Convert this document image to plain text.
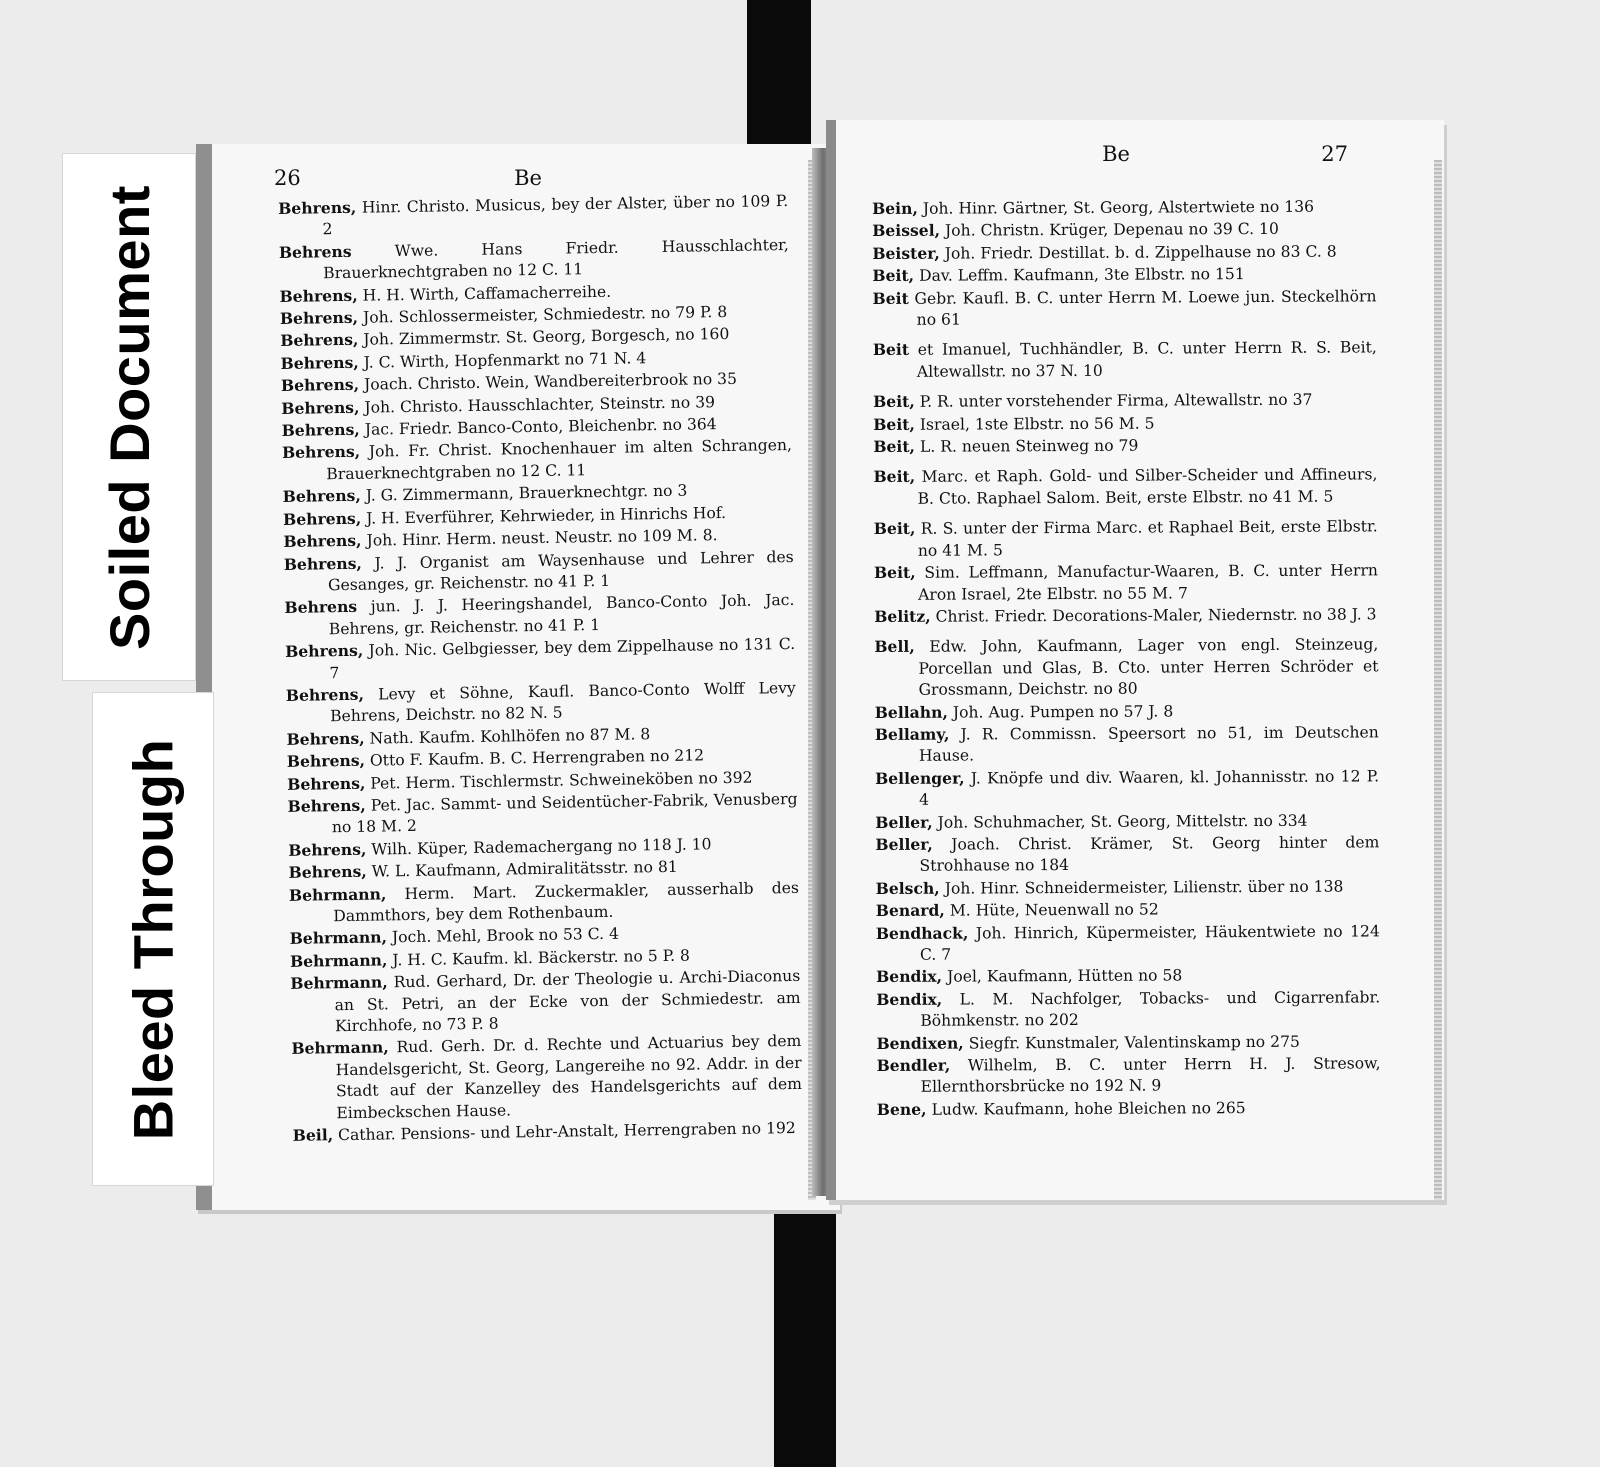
26	Be
Behrens, Hinr. Christo. Musicus, bey der Alster, über no 109 P. 2
Behrens	Wwe. Hans Friedr. Hausschlachter, Brauerknechtgraben no 12 C. 11
Behrens, H. H. Wirth, Caffamacherreihe.
Behrens, Joh. Schlossermeister, Schmiedestr. no 79 P. 8
Behrens, Joh. Zimmermstr. St. Georg, Borgesch, no 160
Behrens, J. C. Wirth, Hopfenmarkt no 71 N. 4
Behrens, Joach. Christo. Wein, Wandbereiterbrook no 35
Behrens, Joh. Christo. Hausschlachter, Steinstr. no 39
Behrens, Jac. Friedr. Banco-Conto, Bleichenbr. no 364
Behrens, Joh. Fr. Christ. Knochenhauer im alten Schrangen, Brauerknechtgraben no 12 C. 11
Behrens, J. G. Zimmermann, Brauerknechtgr. no 3
Behrens, J. H. Everführer, Kehrwieder, in Hinrichs Hof.
Behrens, Joh. Hinr. Herm. neust. Neustr. no 109 M. 8.
Behrens, J. J. Organist am Waysenhause und Lehrer des Gesanges, gr. Reichenstr. no 41 P. 1
Behrens jun. J. J. Heeringshandel, Banco-Conto Joh. Jac. Behrens, gr. Reichenstr. no 41 P. 1
Behrens, Joh. Nic. Gelbgiesser, bey dem Zippelhause no 131 C. 7
Behrens, Levy et Söhne, Kaufl. Banco-Conto Wolff Levy Behrens, Deichstr. no 82 N. 5
Behrens, Nath. Kaufm. Kohlhöfen no 87 M. 8
Behrens, Otto F. Kaufm. B. C. Herrengraben no 212
Behrens, Pet. Herm. Tischlermstr. Schweineköben no 392
Behrens, Pet. Jac. Sammt- und Seidentücher-Fabrik, Venusberg no 18 M. 2
Behrens, Wilh. Küper, Rademachergang no 118 J. 10
Behrens, W. L. Kaufmann, Admiralitätsstr. no 81
Behrmann, Herm. Mart. Zuckermakler, ausserhalb des Dammthors, bey dem Rothenbaum.
Behrmann, Joch. Mehl, Brook no 53 C. 4
Behrmann, J. H. C. Kaufm. kl. Bäckerstr. no 5 P. 8
Behrmann, Rud. Gerhard, Dr. der Theologie u. Archi-Diaconus an St. Petri, an der Ecke von der Schmiedestr. am Kirchhofe, no 73 P. 8
Behrmann, Rud. Gerh. Dr. d. Rechte und Actuarius bey dem Handelsgericht, St. Georg, Langereihe no 92. Addr. in der Stadt auf der Kanzelley des Handelsgerichts auf dem Eimbeckschen Hause.
Beil, Cathar. Pensions- und Lehr-Anstalt, Herrengraben no 192
Be	27
Bein, Joh. Hinr. Gärtner, St. Georg, Alstertwiete no 136
Beissel, Joh. Christn. Krüger, Depenau no 39 C. 10
Beister, Joh. Friedr. Destillat. b. d. Zippelhause no 83 C. 8
Beit, Dav. Leffm. Kaufmann, 3te Elbstr. no 151
Beit Gebr. Kaufl. B. C. unter Herrn M. Loewe jun. Steckelhörn no 61
Beit et Imanuel, Tuchhändler, B. C. unter Herrn R. S. Beit, Altewallstr. no 37 N. 10
Beit, P. R. unter vorstehender Firma, Altewallstr. no 37
Beit, Israel, 1ste Elbstr. no 56 M. 5
Beit, L. R. neuen Steinweg no 79
Beit, Marc. et Raph. Gold- und Silber-Scheider und Affineurs, B. Cto. Raphael Salom. Beit, erste Elbstr. no 41 M. 5
Beit, R. S. unter der Firma Marc. et Raphael Beit, erste Elbstr. no 41 M. 5
Beit, Sim. Leffmann, Manufactur-Waaren, B. C. unter Herrn Aron Israel, 2te Elbstr. no 55 M. 7
Belitz, Christ. Friedr. Decorations-Maler, Niedernstr. no 38 J. 3
Bell, Edw. John, Kaufmann, Lager von engl. Steinzeug, Porcellan und Glas, B. Cto. unter Herren Schröder et Grossmann, Deichstr. no 80
Bellahn, Joh. Aug. Pumpen no 57 J. 8
Bellamy, J. R. Commissn. Speersort no 51, im Deutschen Hause.
Bellenger, J. Knöpfe und div. Waaren, kl. Johannisstr. no 12 P. 4
Beller, Joh. Schuhmacher, St. Georg, Mittelstr. no 334
Beller, Joach. Christ. Krämer, St. Georg hinter dem Strohhause no 184
Belsch, Joh. Hinr. Schneidermeister, Lilienstr. über no 138
Benard, M. Hüte, Neuenwall no 52
Bendhack, Joh. Hinrich, Küpermeister, Häukentwiete no 124 C. 7
Bendix, Joel, Kaufmann, Hütten no 58
Bendix, L. M. Nachfolger, Tobacks- und Cigarrenfabr. Böhmkenstr. no 202
Bendixen, Siegfr. Kunstmaler, Valentinskamp no 275
Bendler, Wilhelm, B. C. unter Herrn H. J. Stresow, Ellernthorsbrücke no 192 N. 9
Bene, Ludw. Kaufmann, hohe Bleichen no 265
Soiled Document
Bleed Through
